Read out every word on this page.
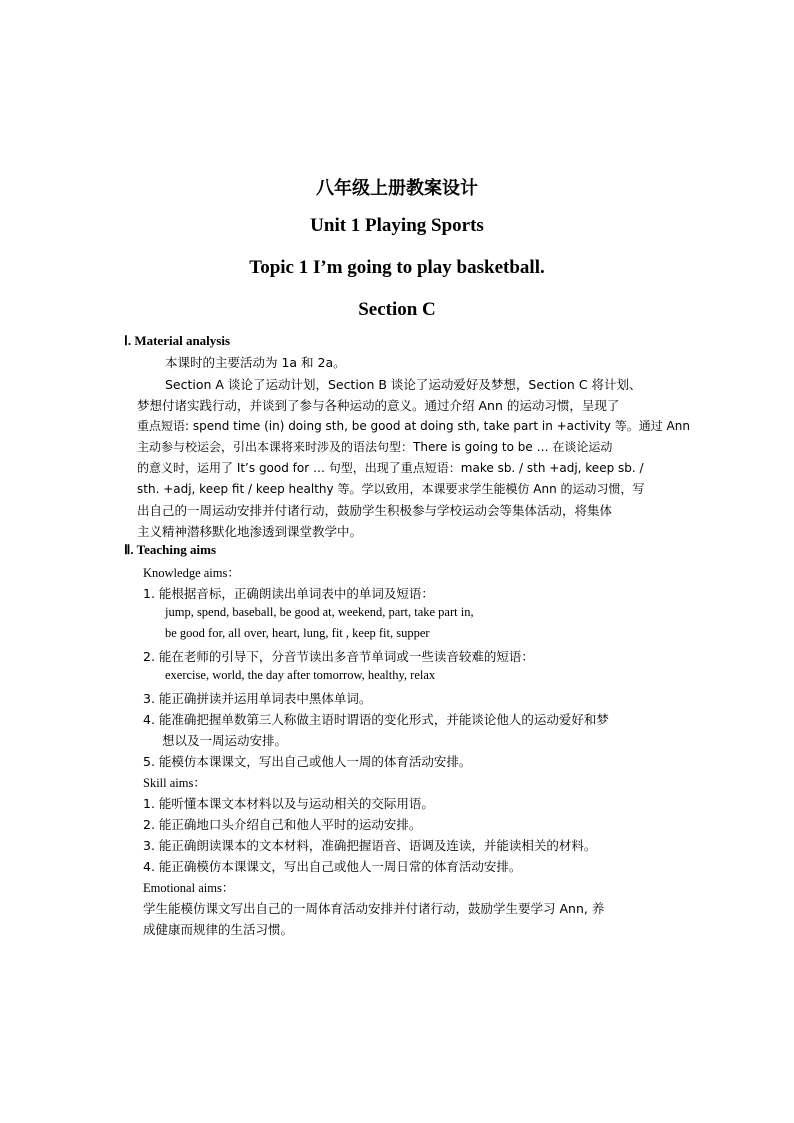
八年级上册教案设计
Unit 1 Playing Sports
Topic 1 I’m going to play basketball.
Section C
Ⅰ. Material analysis
本课时的主要活动为 1a 和 2a。
Section A 谈论了运动计划，Section B 谈论了运动爱好及梦想，Section C 将计划、
梦想付诸实践行动，并谈到了参与各种运动的意义。通过介绍 Ann 的运动习惯，呈现了
重点短语: spend time (in) doing sth, be good at doing sth, take part in +activity 等。通过 Ann
主动参与校运会，引出本课将来时涉及的语法句型：There is going to be … 在谈论运动
的意义时，运用了 It’s good for … 句型，出现了重点短语：make sb. / sth +adj, keep sb. /
sth. +adj, keep fit / keep healthy 等。学以致用，本课要求学生能模仿 Ann 的运动习惯，写
出自己的一周运动安排并付诸行动，鼓励学生积极参与学校运动会等集体活动，将集体
主义精神潜移默化地渗透到课堂教学中。
Ⅱ. Teaching aims
Knowledge aims：
1. 能根据音标，正确朗读出单词表中的单词及短语：
jump, spend, baseball, be good at, weekend, part, take part in,
be good for, all over, heart, lung, fit , keep fit, supper
2. 能在老师的引导下，分音节读出多音节单词或一些读音较难的短语：
exercise, world, the day after tomorrow, healthy, relax
3. 能正确拼读并运用单词表中黑体单词。
4. 能准确把握单数第三人称做主语时谓语的变化形式，并能谈论他人的运动爱好和梦
想以及一周运动安排。
5. 能模仿本课课文，写出自己或他人一周的体育活动安排。
Skill aims：
1. 能听懂本课文本材料以及与运动相关的交际用语。
2. 能正确地口头介绍自己和他人平时的运动安排。
3. 能正确朗读课本的文本材料，准确把握语音、语调及连读，并能读相关的材料。
4. 能正确模仿本课课文，写出自己或他人一周日常的体育活动安排。
Emotional aims：
学生能模仿课文写出自己的一周体育活动安排并付诸行动，鼓励学生要学习 Ann, 养
成健康而规律的生活习惯。
